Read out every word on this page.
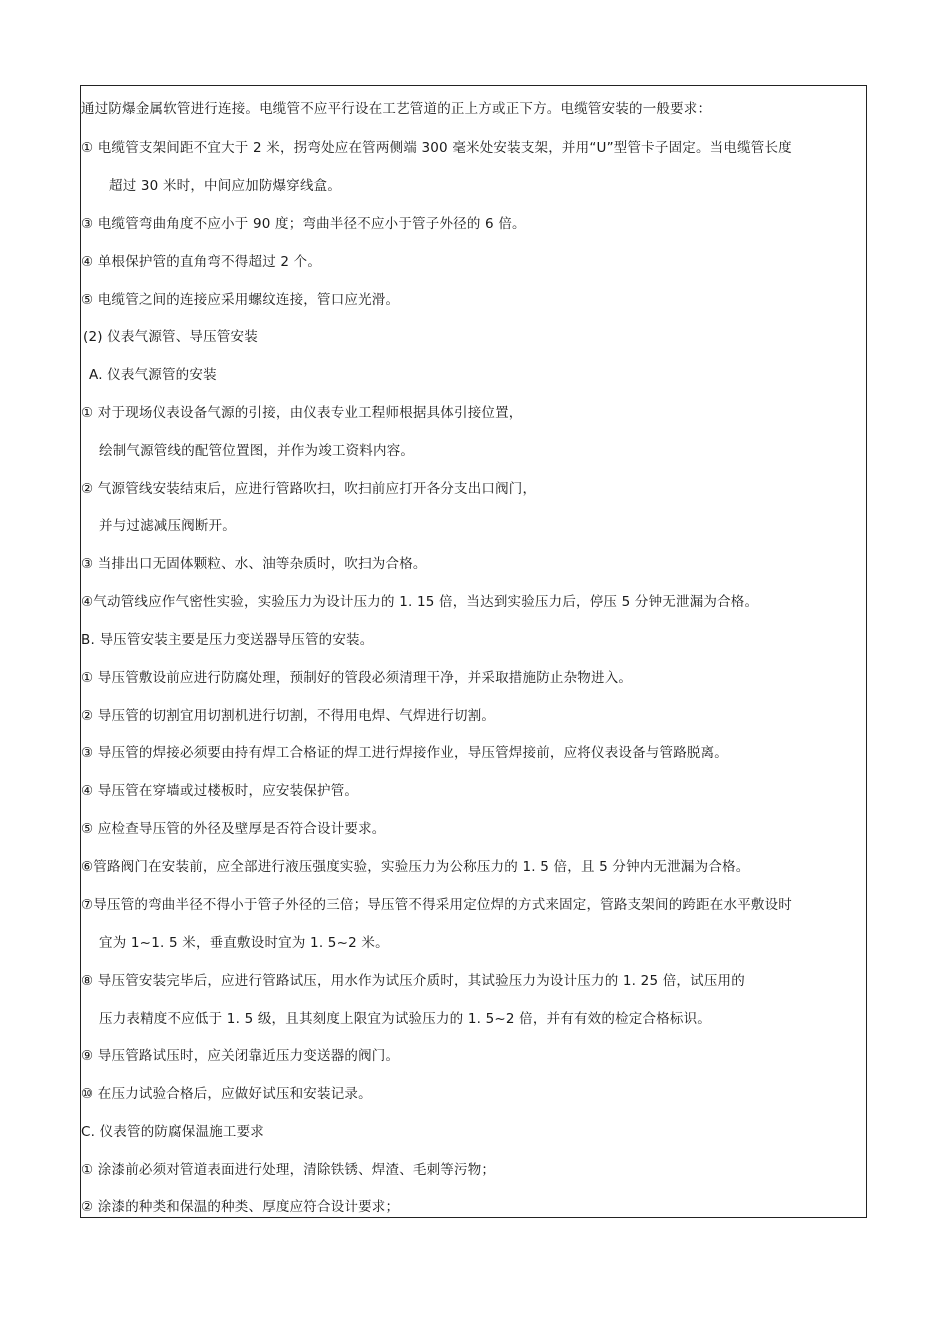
通过防爆金属软管进行连接。电缆管不应平行设在工艺管道的正上方或正下方。电缆管安装的一般要求：
① 电缆管支架间距不宜大于 2 米，拐弯处应在管两侧端 300 毫米处安装支架，并用“U”型管卡子固定。当电缆管长度
超过 30 米时，中间应加防爆穿线盒。
③ 电缆管弯曲角度不应小于 90 度；弯曲半径不应小于管子外径的 6 倍。
④ 单根保护管的直角弯不得超过 2 个。
⑤ 电缆管之间的连接应采用螺纹连接，管口应光滑。
(2) 仪表气源管、导压管安装
A. 仪表气源管的安装
① 对于现场仪表设备气源的引接，由仪表专业工程师根据具体引接位置，
绘制气源管线的配管位置图，并作为竣工资料内容。
② 气源管线安装结束后，应进行管路吹扫，吹扫前应打开各分支出口阀门，
并与过滤减压阀断开。
③ 当排出口无固体颗粒、水、油等杂质时，吹扫为合格。
④气动管线应作气密性实验，实验压力为设计压力的 1. 15 倍，当达到实验压力后，停压 5 分钟无泄漏为合格。
B. 导压管安装主要是压力变送器导压管的安装。
① 导压管敷设前应进行防腐处理，预制好的管段必须清理干净，并采取措施防止杂物进入。
② 导压管的切割宜用切割机进行切割，不得用电焊、气焊进行切割。
③ 导压管的焊接必须要由持有焊工合格证的焊工进行焊接作业，导压管焊接前，应将仪表设备与管路脱离。
④ 导压管在穿墙或过楼板时，应安装保护管。
⑤ 应检查导压管的外径及壁厚是否符合设计要求。
⑥管路阀门在安装前，应全部进行液压强度实验，实验压力为公称压力的 1. 5 倍，且 5 分钟内无泄漏为合格。
⑦导压管的弯曲半径不得小于管子外径的三倍；导压管不得采用定位焊的方式来固定，管路支架间的跨距在水平敷设时
宜为 1~1. 5 米，垂直敷设时宜为 1. 5~2 米。
⑧ 导压管安装完毕后，应进行管路试压，用水作为试压介质时，其试验压力为设计压力的 1. 25 倍，试压用的
压力表精度不应低于 1. 5 级，且其刻度上限宜为试验压力的 1. 5~2 倍，并有有效的检定合格标识。
⑨ 导压管路试压时，应关闭靠近压力变送器的阀门。
⑩ 在压力试验合格后，应做好试压和安装记录。
C. 仪表管的防腐保温施工要求
① 涂漆前必须对管道表面进行处理，清除铁锈、焊渣、毛刺等污物；
② 涂漆的种类和保温的种类、厚度应符合设计要求；
